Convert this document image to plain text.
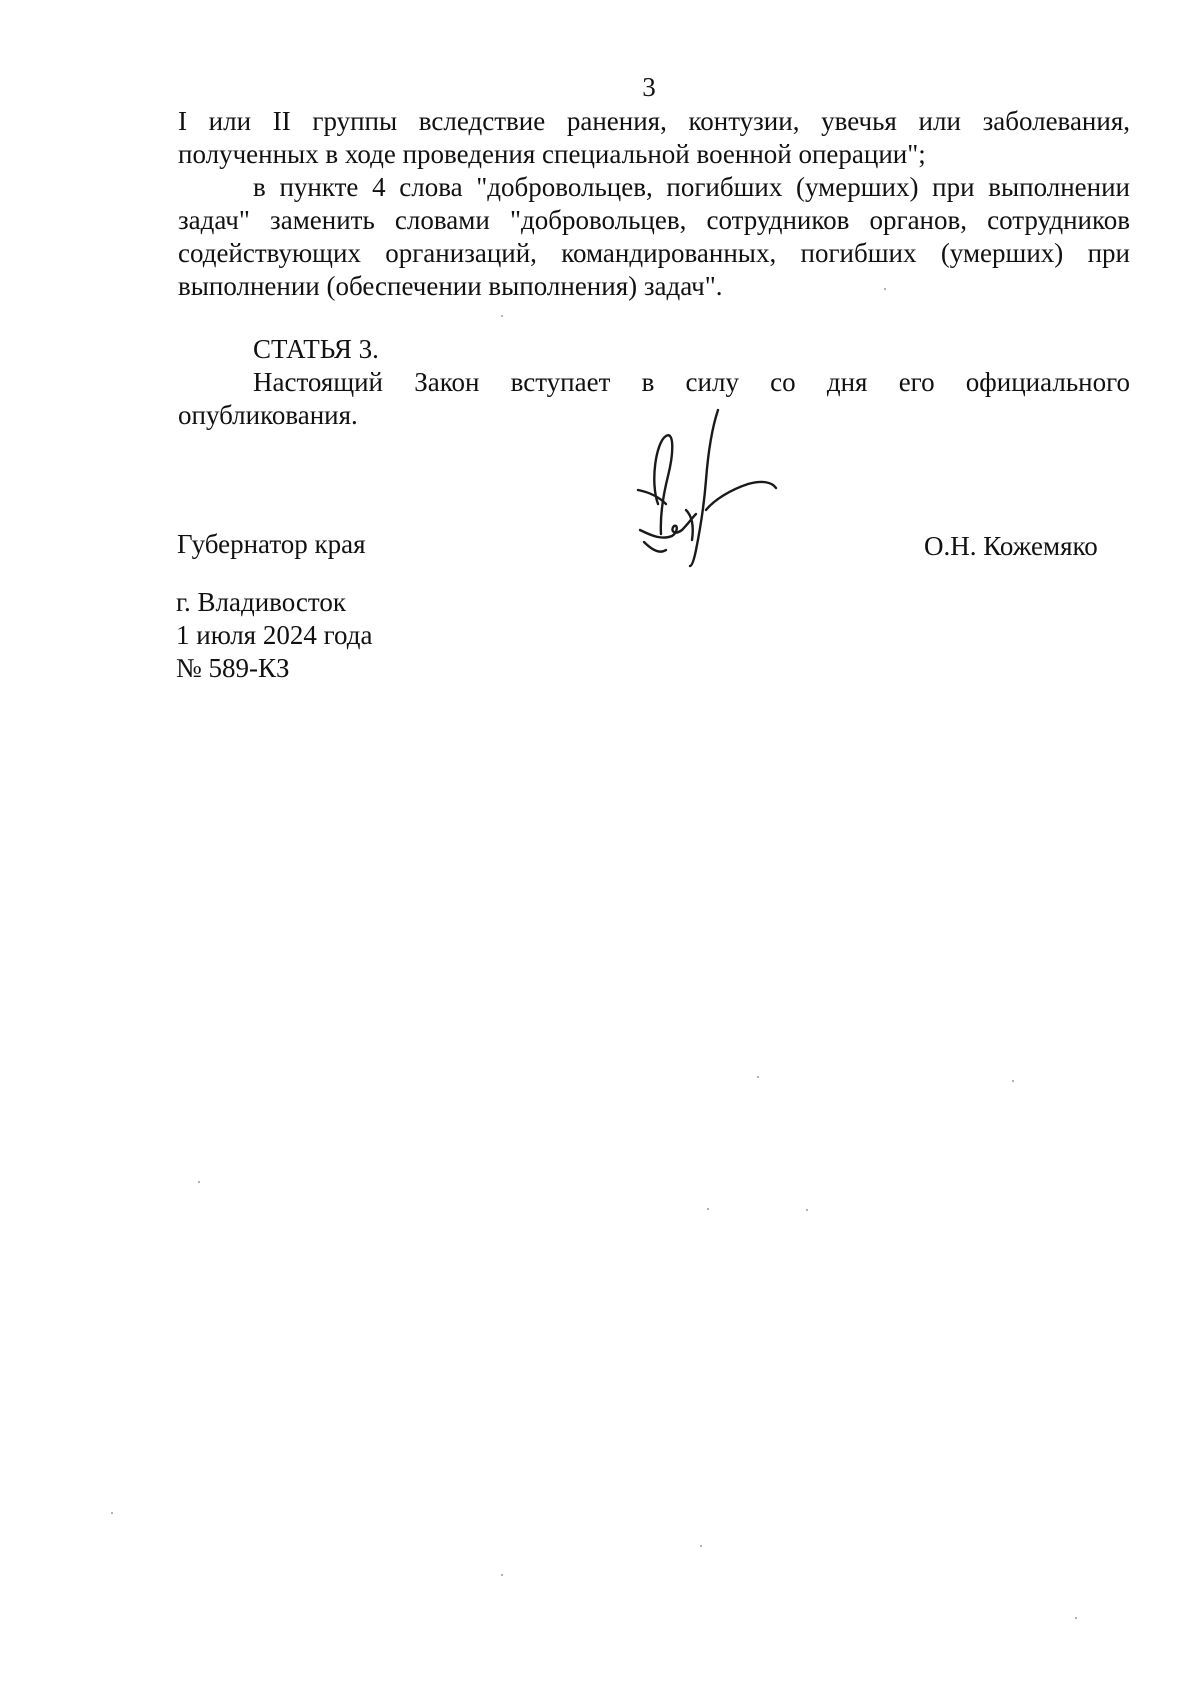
3
I или II группы вследствие ранения, контузии, увечья или заболевания,
полученных в ходе проведения специальной военной операции";
в пункте 4 слова "добровольцев, погибших (умерших) при выполнении
задач" заменить словами "добровольцев, сотрудников органов, сотрудников
содействующих организаций, командированных, погибших (умерших) при
выполнении (обеспечении выполнения) задач".
СТАТЬЯ 3.
Настоящий Закон вступает в силу со дня его официального
опубликования.
Губернатор края	О.Н. Кожемяко
г. Владивосток
1 июля 2024 года
№ 589-КЗ
